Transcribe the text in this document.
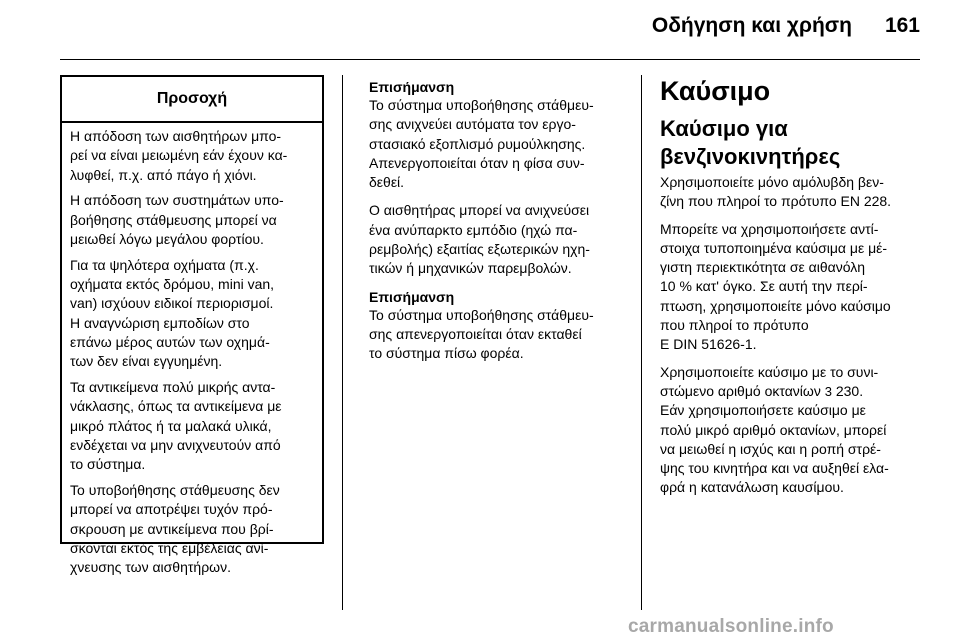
Οδήγηση και χρήση 161
Προσοχή

Η απόδοση των αισθητήρων μπο-
ρεί να είναι μειωμένη εάν έχουν κα-
λυφθεί, π.χ. από πάγο ή χιόνι.

Η απόδοση των συστημάτων υπο-
βοήθησης στάθμευσης μπορεί να
μειωθεί λόγω μεγάλου φορτίου.

Για τα ψηλότερα οχήματα (π.χ.
οχήματα εκτός δρόμου, mini van,
van) ισχύουν ειδικοί περιορισμοί.
Η αναγνώριση εμποδίων στο
επάνω μέρος αυτών των οχημά-
των δεν είναι εγγυημένη.

Τα αντικείμενα πολύ μικρής αντα-
νάκλασης, όπως τα αντικείμενα με
μικρό πλάτος ή τα μαλακά υλικά,
ενδέχεται να μην ανιχνευτούν από
το σύστημα.

Το υποβοήθησης στάθμευσης δεν
μπορεί να αποτρέψει τυχόν πρό-
σκρουση με αντικείμενα που βρί-
σκονται εκτός της εμβέλειας ανί-
χνευσης των αισθητήρων.

Επισήμανση

Το σύστημα υποβοήθησης στάθμευ-
σης ανιχνεύει αυτόματα τον εργο-
στασιακό εξοπλισμό ρυμούλκησης.
Απενεργοποιείται όταν η φίσα συν-
δεθεί.

Ο αισθητήρας μπορεί να ανιχνεύσει
ένα ανύπαρκτο εμπόδιο (ηχώ πα-
ρεμβολής) εξαιτίας εξωτερικών ηχη-
τικών ή μηχανικών παρεμβολών.

Επισήμανση

Το σύστημα υποβοήθησης στάθμευ-
σης απενεργοποιείται όταν εκταθεί
το σύστημα πίσω φορέα.

Καύσιμο
Καύσιμο για
βενζινοκινητήρες

Χρησιμοποιείτε μόνο αμόλυβδη βεν-
ζίνη που πληροί το πρότυπο EN 228.

Μπορείτε να χρησιμοποιήσετε αντί-
στοιχα τυποποιημένα καύσιμα με μέ-
γιστη περιεκτικότητα σε αιθανόλη
10 % κατ' όγκο. Σε αυτή την περί-
πτωση, χρησιμοποιείτε μόνο καύσιμο
που πληροί το πρότυπο
E DIN 51626-1.

Χρησιμοποιείτε καύσιμο με το συνι-
στώμενο αριθμό οκτανίων 3 230.

Εάν χρησιμοποιήσετε καύσιμο με
πολύ μικρό αριθμό οκτανίων, μπορεί
να μειωθεί η ισχύς και η ροπή στρέ-
ψης του κινητήρα και να αυξηθεί ελα-
φρά η κατανάλωση καυσίμου.

carmanualsonline.info
